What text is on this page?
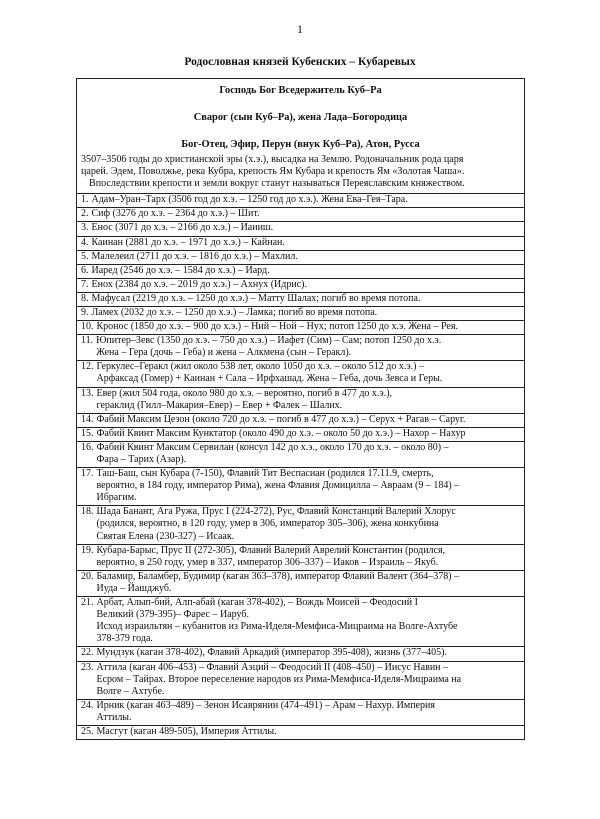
1
Родословная князей Кубенских – Кубаревых
Господь Бог Вседержитель Куб–Ра
Сварог (сын Куб–Ра), жена Лада–Богородица
Бог-Отец, Эфир, Перун (внук Куб–Ра), Атон, Русса
3507–3506 годы до христианской эры (х.э.), высадка на Землю. Родоначальник рода царя
царей. Эдем, Поволжье, река Кубра, крепость Ям Кубара и крепость Ям «Золотая Чаша».
Впоследствии крепости и земли вокруг станут называться Переяславским княжеством.
1. Адам–Уран–Тарх (3506 год до х.э. – 1250 год до х.э.). Жена Ева–Гея–Тара.
2. Сиф (3276 до х.э. – 2364 до х.э.) – Шит.
3. Енос (3071 до х.э. – 2166 до х.э.) – Иаииш.
4. Каинан (2881 до х.э. – 1971 до х.э.) – Кайнан.
5. Малелеил (2711 до х.э. – 1816 до х.э.) – Махлил.
6. Иаред (2546 до х.э. – 1584 до х.э.) – Иард.
7. Енох (2384 до х.э. – 2019 до х.э.) – Ахнух (Идрис).
8. Мафусал (2219 до х.э. – 1250 до х.э.) – Матту Шалах; погиб во время потопа.
9. Ламех (2032 до х.э. – 1250 до х.э.) – Ламка; погиб во время потопа.
10. Кронос (1850 до х.э. – 900 до х.э.) – Ний – Ной – Нух; потоп 1250 до х.э. Жена – Рея.
11. Юпитер–Зевс (1350 до х.э. – 750 до х.э.) – Иафет (Сим) – Сам; потоп 1250 до х.э.
Жена – Гера (дочь – Геба) и жена – Алкмена (сын – Геракл).
12. Геркулес–Геракл (жил около 538 лет, около 1050 до х.э. – около 512 до х.э.) –
Арфаксад (Гомер) + Каинан + Сала – Ирфхашад. Жена – Геба, дочь Зевса и Геры.
13. Евер (жил 504 года, около 980 до х.э. – вероятно, погиб в 477 до х.э.),
гераклид (Гилл–Макария–Евер) – Евер + Фалек – Шалих.
14. Фабий Максим Цезон (около 720 до х.э. – погиб в 477 до х.э.) – Серух + Рагав – Саруг.
15. Фабий Квинт Максим Кунктатор (около 490 до х.э. – около 50 до х.э.) – Нахор – Нахур
16. Фабий Квинт Максим Сервилан (консул 142 до х.э., около 170 до х.э. – около 80) –
Фара – Тарих (Азар).
17. Таш-Баш, сын Кубара (7-150), Флавий Тит Веспасиан (родился 17.11.9, смерть,
вероятно, в 184 году, император Рима), жена Флавия Домицилла – Авраам (9 – 184) –
Ибрагим.
18. Шада Банант, Ага Ружа, Прус I (224-272), Рус, Флавий Констанций Валерий Хлорус
(родился, вероятно, в 120 году, умер в 306, император 305–306), жена конкубина
Святая Елена (230-327) – Исаак.
19. Кубара-Барыс, Прус II (272-305), Флавий Валерий Аврелий Константин (родился,
вероятно, в 250 году, умер в 337, император 306–337) – Иаков – Израиль – Якуб.
20. Баламир, Баламбер, Будимир (каган 363–378), император Флавий Валент (364–378) –
Иуда – Йашджуб.
21. Арбат, Алып-бий, Алп-абай (каган 378-402), – Вождь Моисей – Феодосий I
Великий (379-395)– Фарес – Иаруб.
Исход израильтян – кубанитов из Рима-Иделя-Мемфиса-Мицраима на Волге-Ахтубе
378-379 года.
22. Мундзук (каган 378-402), Флавий Аркадий (император 395-408), жизнь (377–405).
23. Аттила (каган 406–453) – Флавий Аэций – Феодосий II (408–450) – Иисус Навин –
Есром – Тайрах. Второе переселение народов из Рима-Мемфиса-Иделя-Мицраима на
Волге – Ахтубе.
24. Ирник (каган 463–489) – Зенон Исаврянин (474–491) – Арам – Нахур. Империя
Аттилы.
25. Масгут (каган 489-505), Империя Аттилы.
